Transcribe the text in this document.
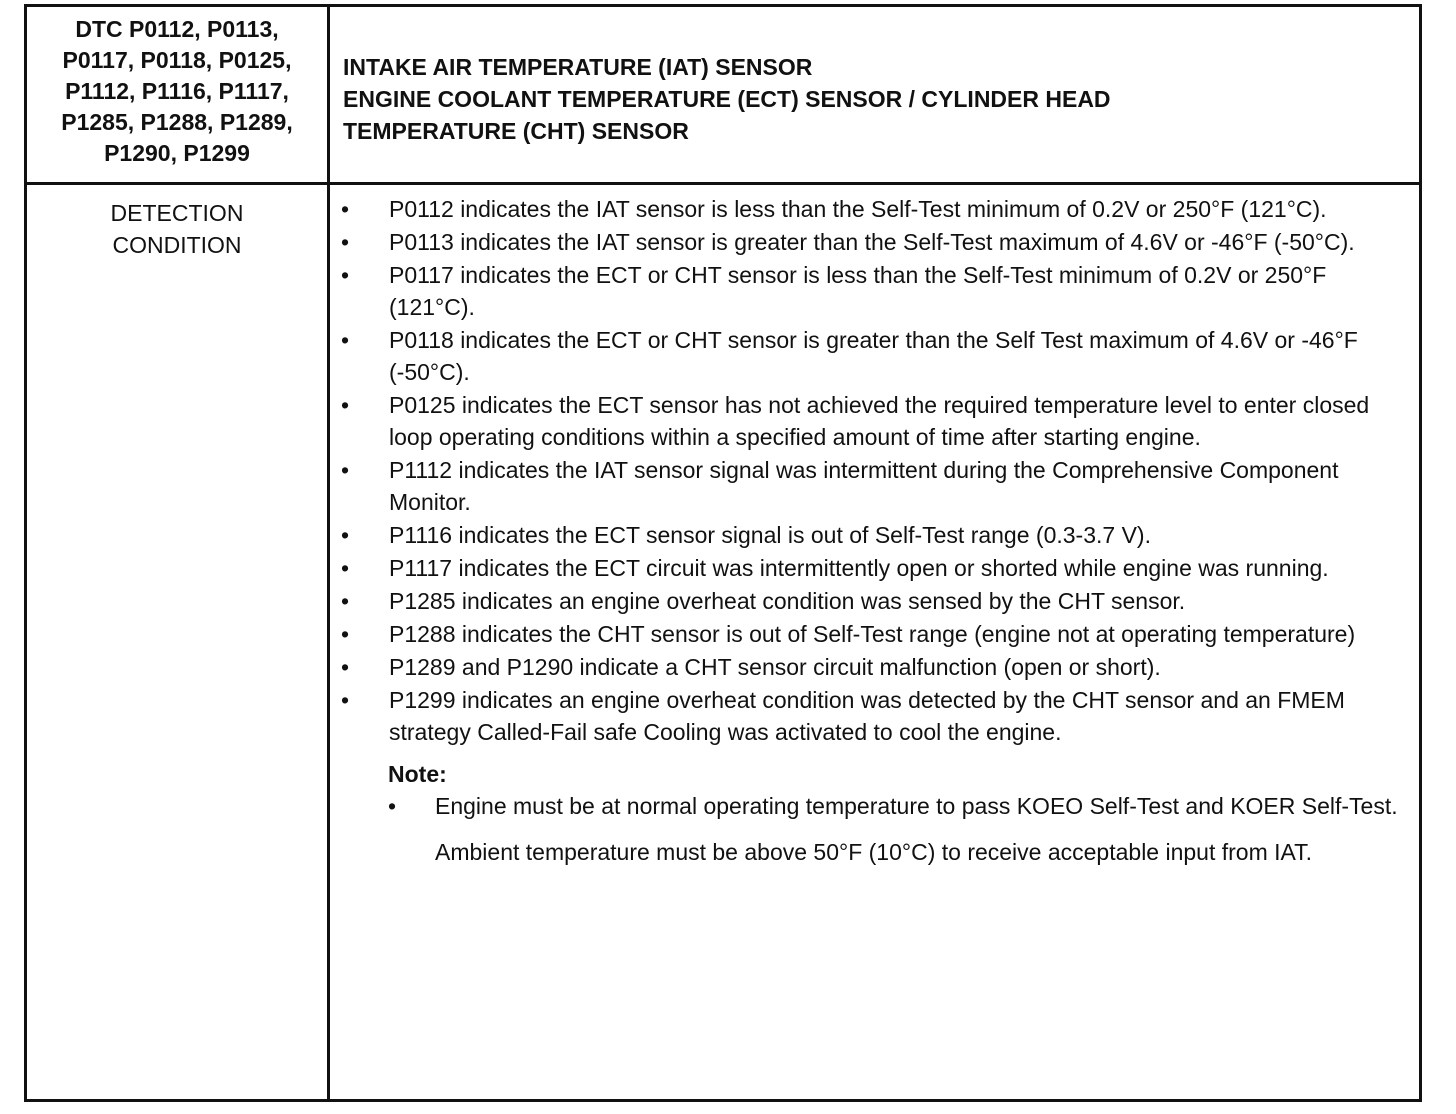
DTC P0112, P0113,
P0117, P0118, P0125,
P1112, P1116, P1117,
P1285, P1288, P1289,
P1290, P1299
INTAKE AIR TEMPERATURE (IAT) SENSOR
ENGINE COOLANT TEMPERATURE (ECT) SENSOR / CYLINDER HEAD
TEMPERATURE (CHT) SENSOR
DETECTION
CONDITION
• P0112 indicates the IAT sensor is less than the Self-Test minimum of 0.2V or 250°F (121°C).
• P0113 indicates the IAT sensor is greater than the Self-Test maximum of 4.6V or -46°F (-50°C).
• P0117 indicates the ECT or CHT sensor is less than the Self-Test minimum of 0.2V or 250°F (121°C).
• P0118 indicates the ECT or CHT sensor is greater than the Self Test maximum of 4.6V or -46°F (-50°C).
• P0125 indicates the ECT sensor has not achieved the required temperature level to enter closed loop operating conditions within a specified amount of time after starting engine.
• P1112 indicates the IAT sensor signal was intermittent during the Comprehensive Component Monitor.
• P1116 indicates the ECT sensor signal is out of Self-Test range (0.3-3.7 V).
• P1117 indicates the ECT circuit was intermittently open or shorted while engine was running.
• P1285 indicates an engine overheat condition was sensed by the CHT sensor.
• P1288 indicates the CHT sensor is out of Self-Test range (engine not at operating temperature)
• P1289 and P1290 indicate a CHT sensor circuit malfunction (open or short).
• P1299 indicates an engine overheat condition was detected by the CHT sensor and an FMEM strategy Called-Fail safe Cooling was activated to cool the engine.
Note:
• Engine must be at normal operating temperature to pass KOEO Self-Test and KOER Self-Test.
Ambient temperature must be above 50°F (10°C) to receive acceptable input from IAT.
